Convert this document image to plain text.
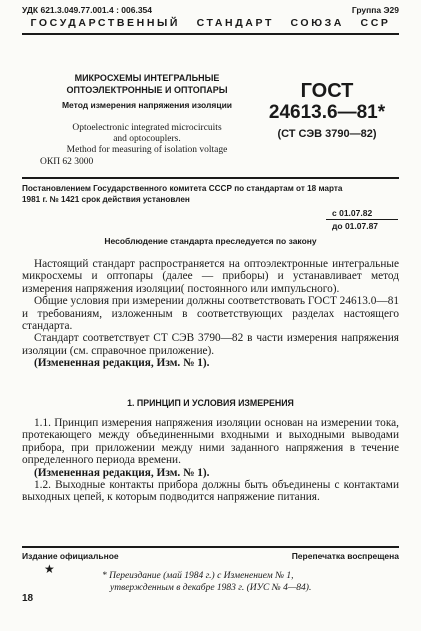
УДК 621.3.049.77.001.4 : 006.354	Группа Э29
ГОСУДАРСТВЕННЫЙ   СТАНДАРТ   СОЮЗА   ССР
МИКРОСХЕМЫ ИНТЕГРАЛЬНЫЕ
ОПТОЭЛЕКТРОННЫЕ И ОПТОПАРЫ
Метод измерения напряжения изоляции
Optoelectronic integrated microcircuits
and optocouplers.
Method for measuring of isolation voltage
ОКП 62 3000
ГОСТ
24613.6—81*
(СТ СЭВ 3790—82)
Постановлением Государственного комитета СССР по стандартам от 18 марта
1981 г. № 1421 срок действия установлен
с 01.07.82
до 01.07.87
Несоблюдение стандарта преследуется по закону

Настоящий стандарт распространяется на оптоэлектронные интегральные микросхемы и оптопары (далее — приборы) и устанавливает метод измерения напряжения изоляции( постоянного или импульсного).

Общие условия при измерении должны соответствовать ГОСТ 24613.0—81 и требованиям, изложенным в соответствующих разделах настоящего стандарта.

Стандарт соответствует СТ СЭВ 3790—82 в части измерения напряжения изоляции (см. справочное приложение).

(Измененная редакция, Изм. № 1).

1. ПРИНЦИП И УСЛОВИЯ ИЗМЕРЕНИЯ

1.1. Принцип измерения напряжения изоляции основан на измерении тока, протекающего между объединенными входными и выходными выводами прибора, при приложении между ними заданного напряжения в течение определенного периода времени.

(Измененная редакция, Изм. № 1).

1.2. Выходные контакты прибора должны быть объединены с контактами выходных цепей, к которым подводится напряжение питания.

Издание официальное	Перепечатка воспрещена
★	* Переиздание (май 1984 г.) с Изменением № 1,
утвержденным в декабре 1983 г. (ИУС № 4—84).
18
